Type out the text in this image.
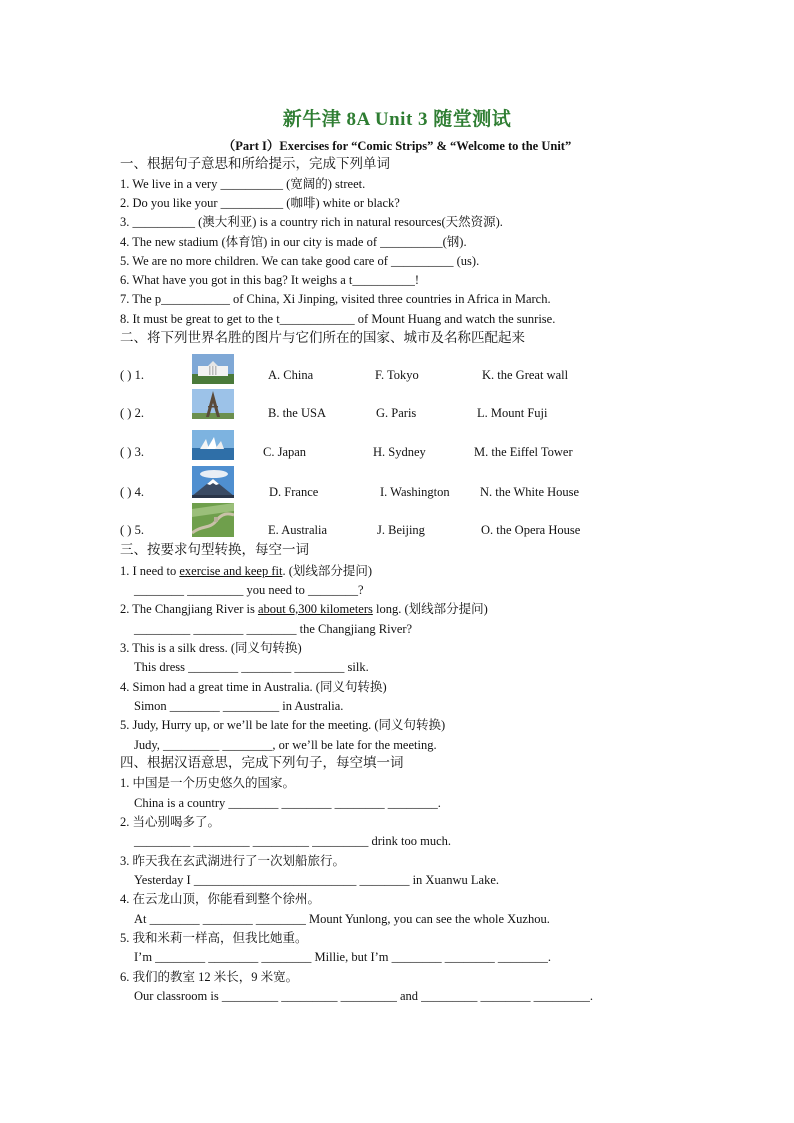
新牛津 8A Unit 3 随堂测试
（Part I）Exercises for “Comic Strips” & “Welcome to the Unit”
一、根据句子意思和所给提示，完成下列单词
1. We live in a very __________ (宽阔的) street.
2. Do you like your __________ (咖啡) white or black?
3. __________ (澳大利亚) is a country rich in natural resources(天然资源).
4. The new stadium (体育馆) in our city is made of __________(钢).
5. We are no more children. We can take good care of __________ (us).
6. What have you got in this bag? It weighs a t__________!
7. The p___________ of China, Xi Jinping, visited three countries in Africa in March.
8. It must be great to get to the t____________ of Mount Huang and watch the sunrise.
二、将下列世界名胜的图片与它们所在的国家、城市及名称匹配起来
( ) 1.	A. China	F. Tokyo	K. the Great wall
( ) 2.	B. the USA	G. Paris	L. Mount Fuji
( ) 3.	C. Japan	H. Sydney	M. the Eiffel Tower
( ) 4.	D. France	I. Washington N. the White House
( ) 5.	E. Australia	J. Beijing	O. the Opera House
三、按要求句型转换，每空一词
1. I need to exercise and keep fit. (划线部分提问)
________ _________ you need to ________?
2. The Changjiang River is about 6,300 kilometers long. (划线部分提问)
_________ ________ ________ the Changjiang River?
3. This is a silk dress. (同义句转换)
This dress ________ ________ ________ silk.
4. Simon had a great time in Australia. (同义句转换)
Simon ________ _________ in Australia.
5. Judy, Hurry up, or we’ll be late for the meeting. (同义句转换)
Judy, _________ ________, or we’ll be late for the meeting.
四、根据汉语意思，完成下列句子，每空填一词
1. 中国是一个历史悠久的国家。
China is a country ________ ________ ________ ________.
2. 当心别喝多了。
_________ _________ _________ _________ drink too much.
3. 昨天我在玄武湖进行了一次划船旅行。
Yesterday I __________________________ ________ in Xuanwu Lake.
4. 在云龙山顶，你能看到整个徐州。
At ________ ________ ________ Mount Yunlong, you can see the whole Xuzhou.
5. 我和米莉一样高，但我比她重。
I’m ________ ________ ________ Millie, but I’m ________ ________ ________.
6. 我们的教室 12 米长，9 米宽。
Our classroom is _________ _________ _________ and _________ ________ _________.
